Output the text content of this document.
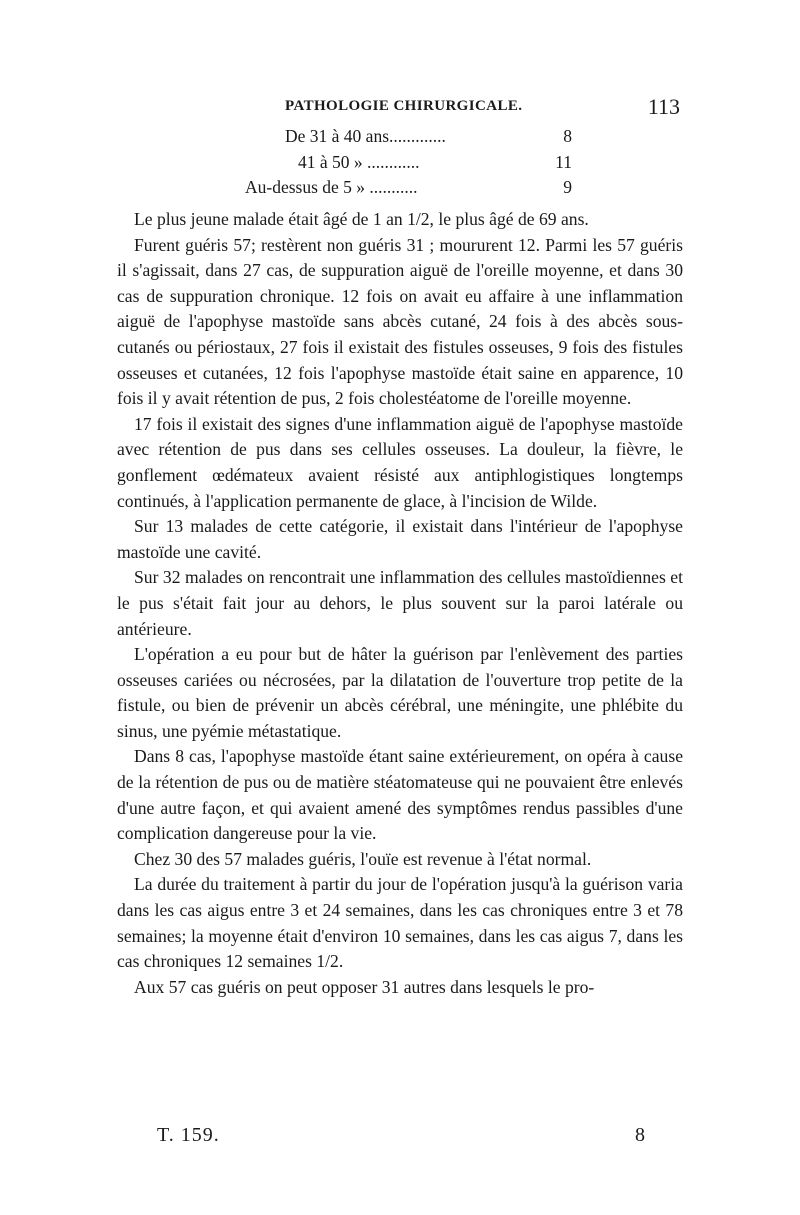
PATHOLOGIE CHIRURGICALE.	113
De 31 à 40 ans.............	8
41 à 50 » ............	11
Au-dessus de 5 » ...........	9

Le plus jeune malade était âgé de 1 an 1/2, le plus âgé de 69 ans.

Furent guéris 57; restèrent non guéris 31 ; moururent 12. Parmi les 57 guéris il s'agissait, dans 27 cas, de suppuration aiguë de l'oreille moyenne, et dans 30 cas de suppuration chronique. 12 fois on avait eu affaire à une inflammation aiguë de l'apophyse mastoïde sans abcès cutané, 24 fois à des abcès sous-cutanés ou périostaux, 27 fois il existait des fistules osseuses, 9 fois des fistules osseuses et cutanées, 12 fois l'apophyse mastoïde était saine en apparence, 10 fois il y avait rétention de pus, 2 fois cholestéatome de l'oreille moyenne.

17 fois il existait des signes d'une inflammation aiguë de l'apophyse mastoïde avec rétention de pus dans ses cellules osseuses. La douleur, la fièvre, le gonflement œdémateux avaient résisté aux antiphlogistiques longtemps continués, à l'application permanente de glace, à l'incision de Wilde.

Sur 13 malades de cette catégorie, il existait dans l'intérieur de l'apophyse mastoïde une cavité.

Sur 32 malades on rencontrait une inflammation des cellules mastoïdiennes et le pus s'était fait jour au dehors, le plus souvent sur la paroi latérale ou antérieure.

L'opération a eu pour but de hâter la guérison par l'enlèvement des parties osseuses cariées ou nécrosées, par la dilatation de l'ouverture trop petite de la fistule, ou bien de prévenir un abcès cérébral, une méningite, une phlébite du sinus, une pyémie métastatique.

Dans 8 cas, l'apophyse mastoïde étant saine extérieurement, on opéra à cause de la rétention de pus ou de matière stéatomateuse qui ne pouvaient être enlevés d'une autre façon, et qui avaient amené des symptômes rendus passibles d'une complication dangereuse pour la vie.

Chez 30 des 57 malades guéris, l'ouïe est revenue à l'état normal.

La durée du traitement à partir du jour de l'opération jusqu'à la guérison varia dans les cas aigus entre 3 et 24 semaines, dans les cas chroniques entre 3 et 78 semaines; la moyenne était d'environ 10 semaines, dans les cas aigus 7, dans les cas chroniques 12 semaines 1/2.

Aux 57 cas guéris on peut opposer 31 autres dans lesquels le pro-

T. 159.	8
